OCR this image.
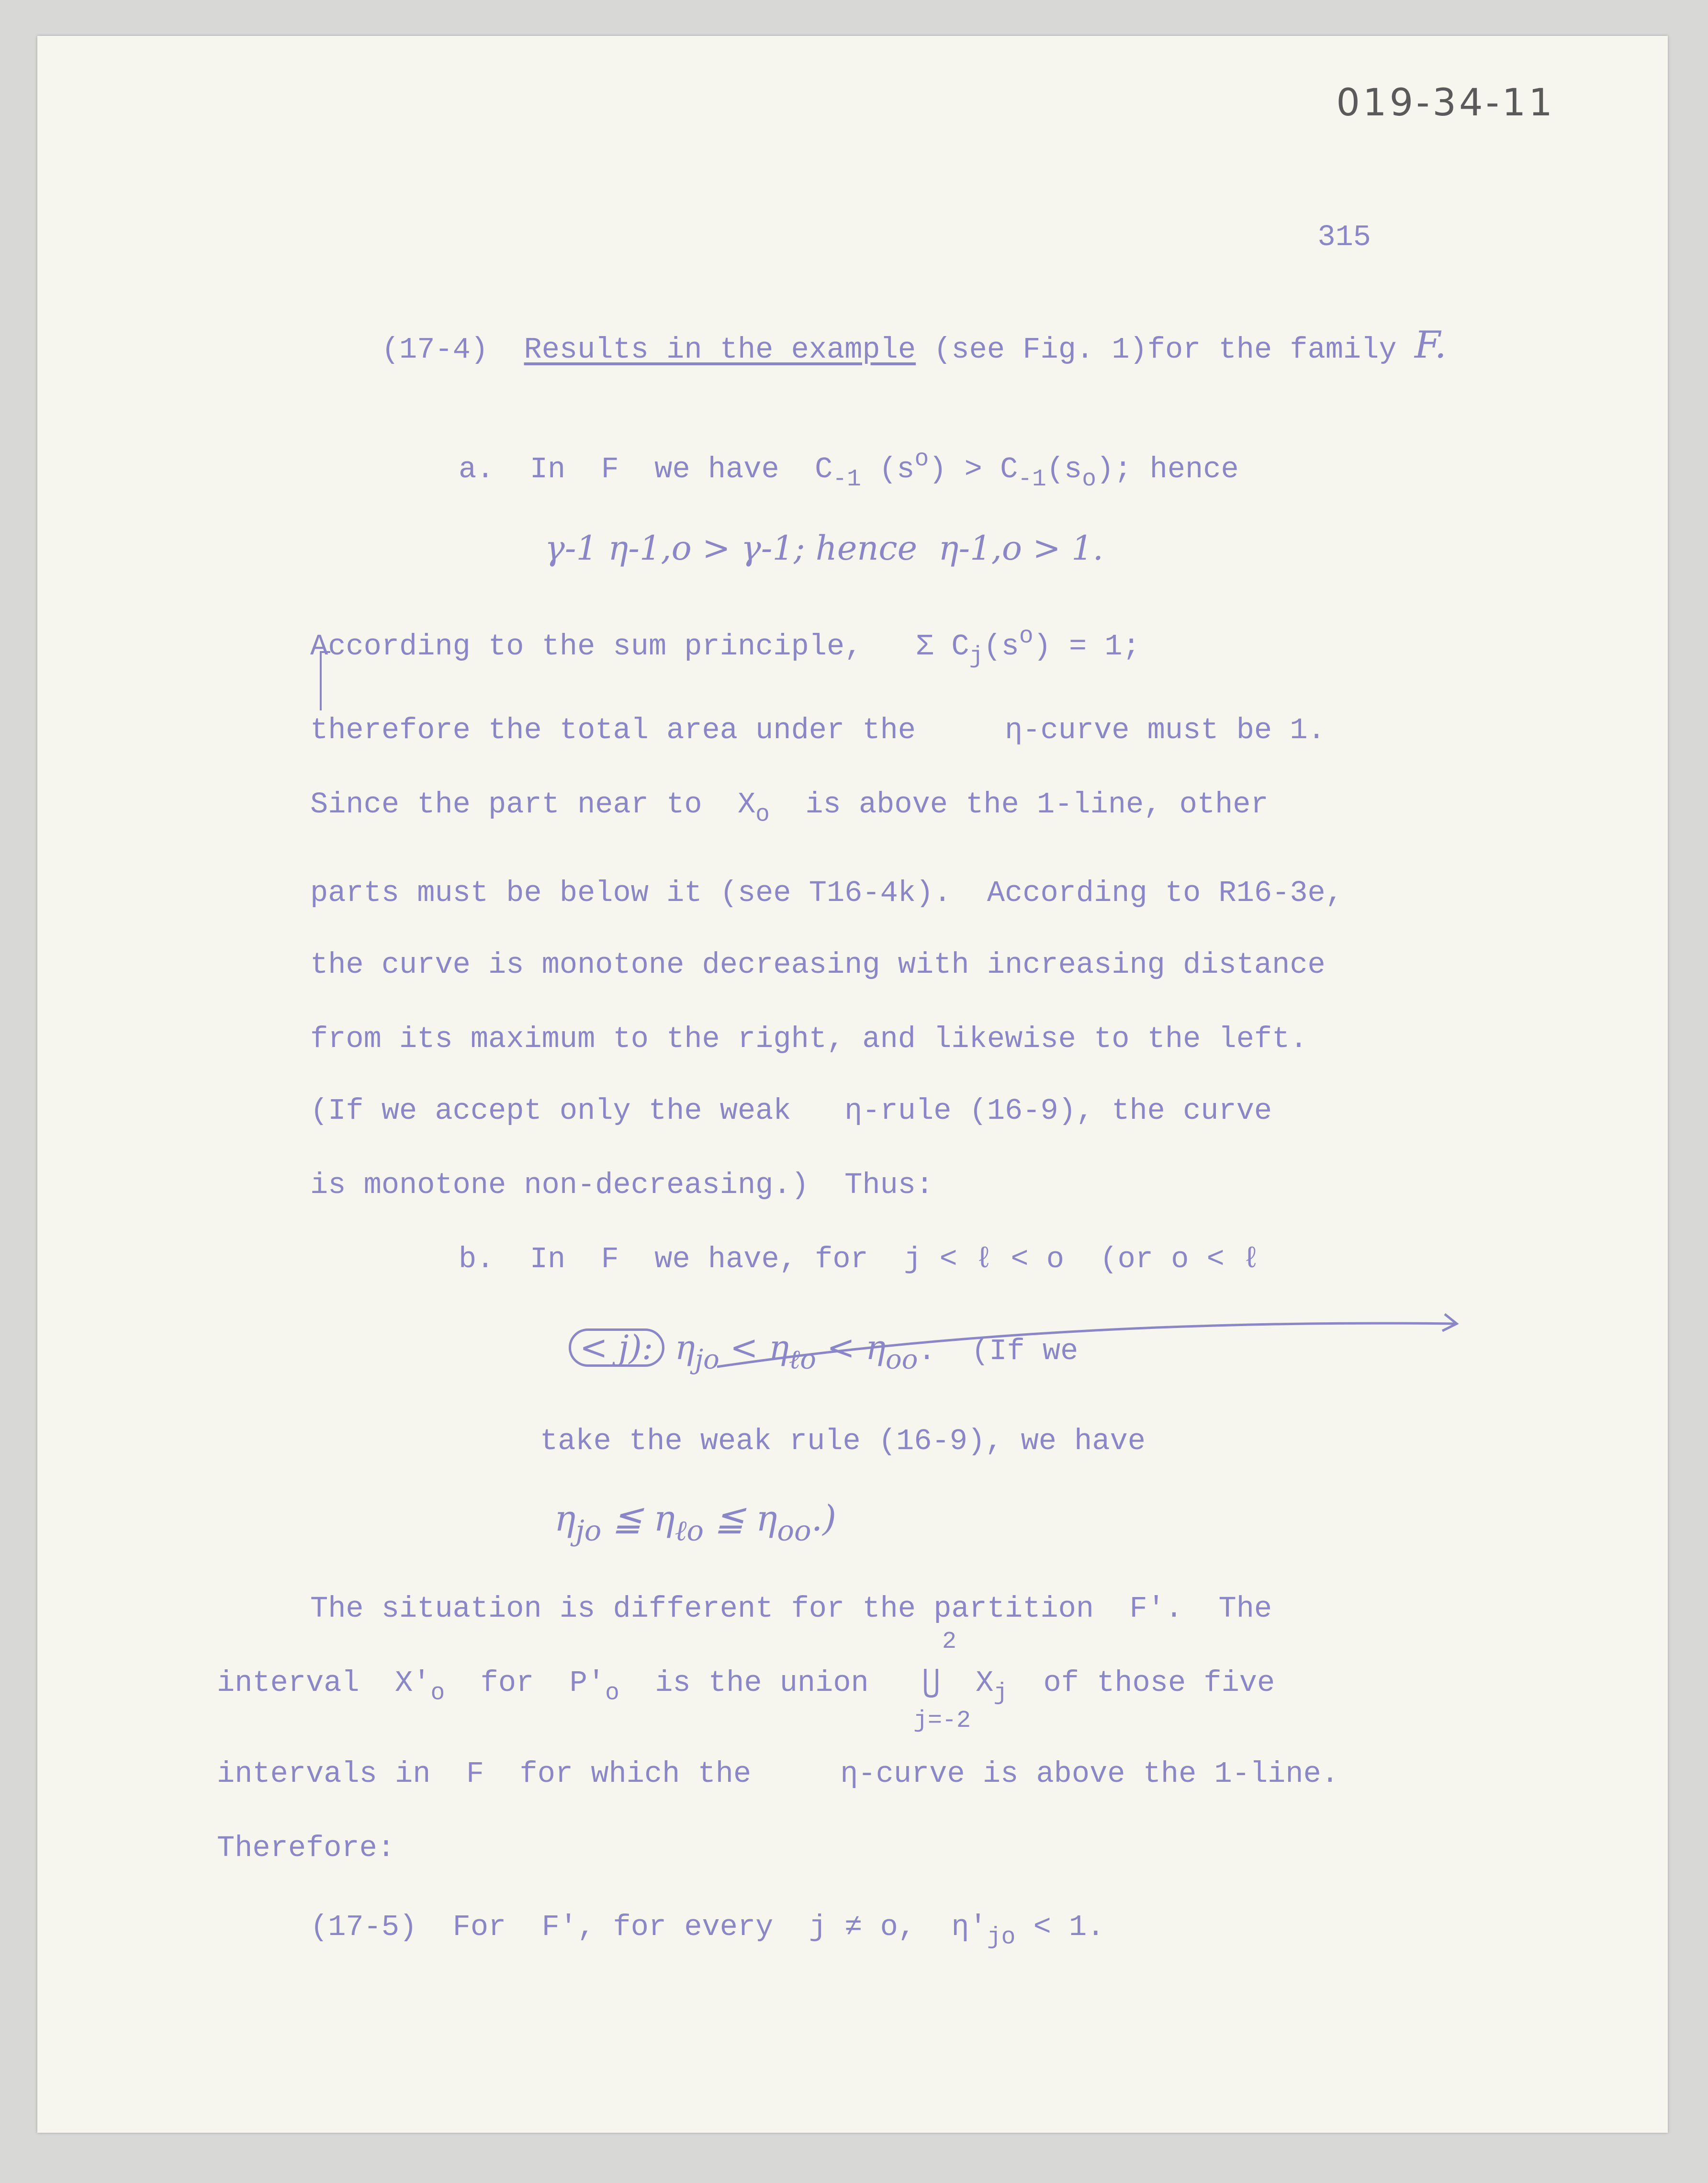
019-34-11
315

(17-4) Results in the example (see Fig. 1)for the family F.

a.  In  F  we have  $C_{-1}$ $(s^o) > C_{-1}(s_o)$; hence
γ-1 η-1,o > γ-1; hence  η-1,o > 1.
According to the sum principle,   Σ $C_j(s^o) = 1$;
therefore the total area under the     η-curve must be 1.
Since the part near to  $X_o$  is above the 1-line, other
parts must be below it (see T16-4k).  According to R16-3e,
the curve is monotone decreasing with increasing distance
from its maximum to the right, and likewise to the left.
(If we accept only the weak   η-rule (16-9), the curve
is monotone non-decreasing.)  Thus:
b.  In  F  we have, for  j < ℓ < o  (or o < ℓ
< j): $\eta_{jo} < \eta_{\ell o} < \eta_{oo}$.  (If we
take the weak rule (16-9), we have
$\eta_{jo}$ ≦ $\eta_{\ell o}$ ≦ $\eta_{oo}$.)
The situation is different for the partition  F'.  The
2
interval  $X'_o$  for  $P'_o$  is the union   ⋃  $X_j$  of those five
j=-2
intervals in  F  for which the     η-curve is above the 1-line.
Therefore:
(17-5)  For  F', for every  j ≠ o,  $\eta'_{jo} < 1$.
